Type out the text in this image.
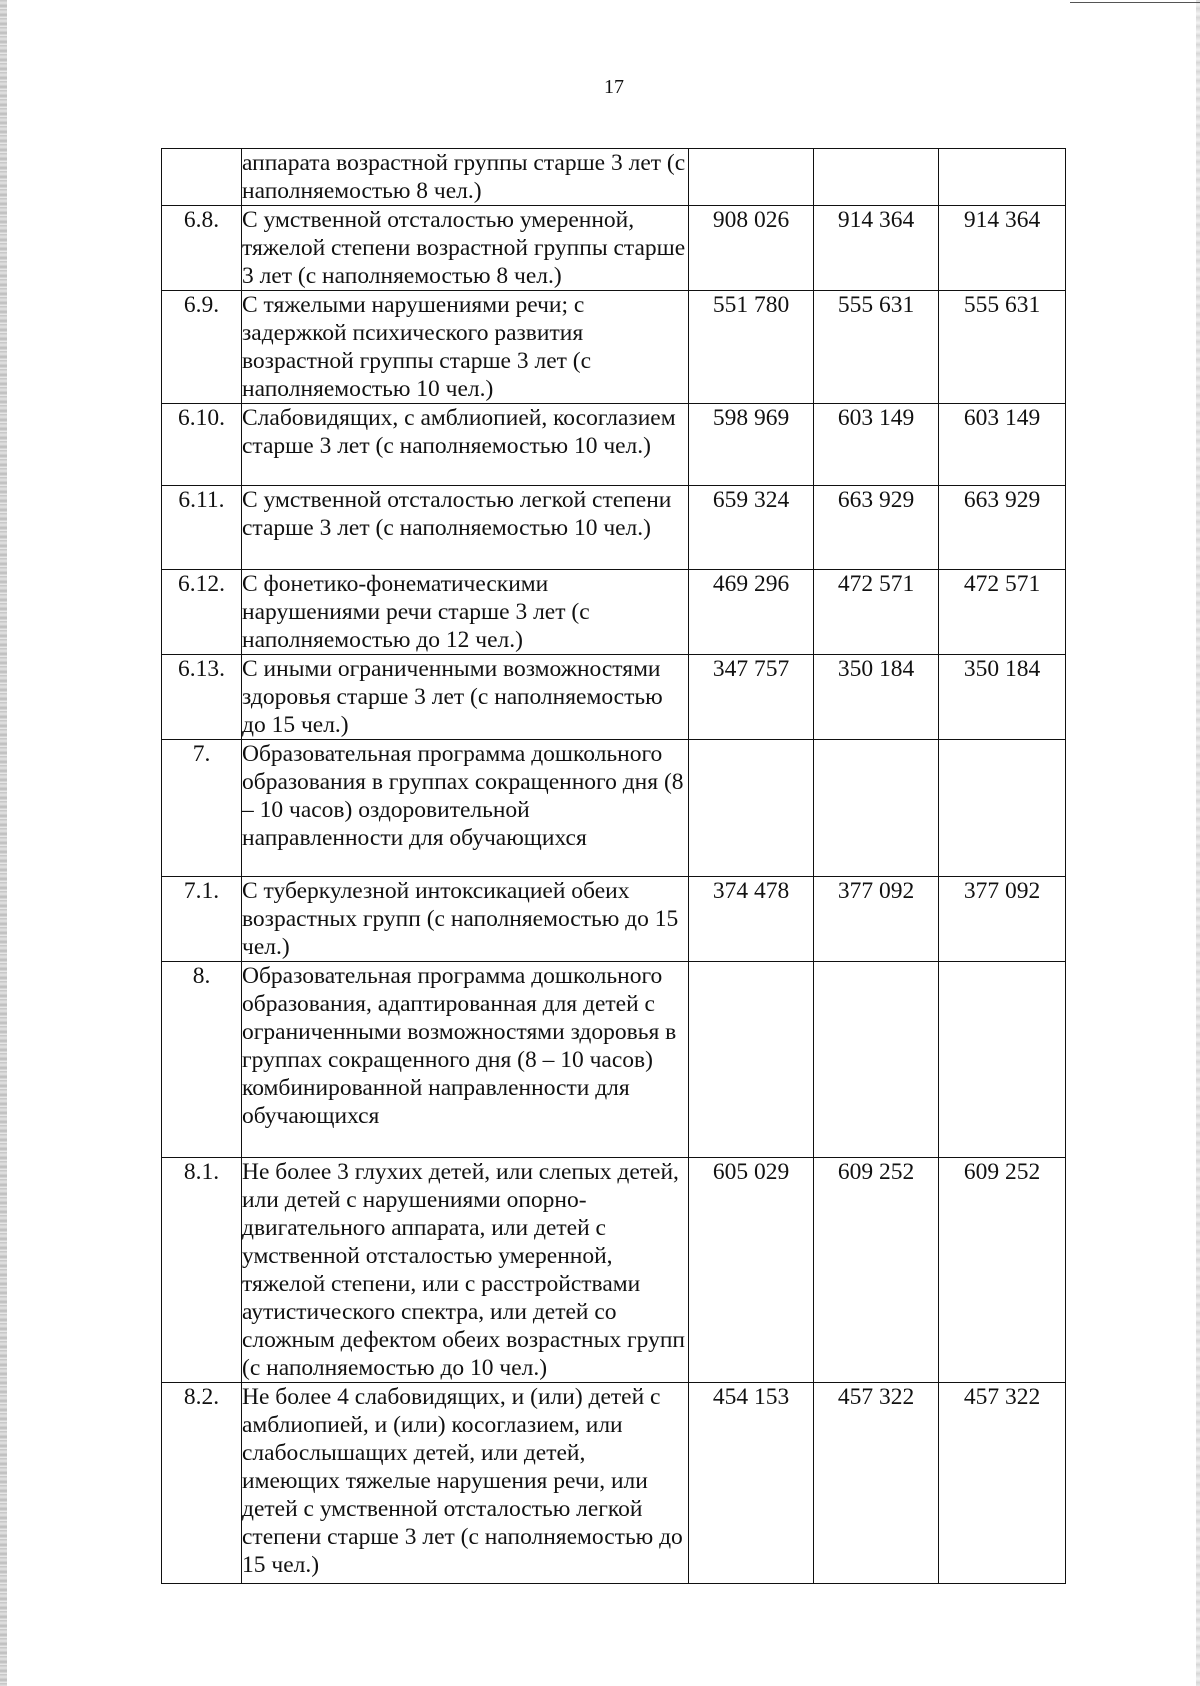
17
	аппарата возрастной группы старше 3 лет (с наполняемостью 8 чел.)			
6.8.	С умственной отсталостью умеренной, тяжелой степени возрастной группы старше 3 лет (с наполняемостью 8 чел.)	908 026	914 364	914 364
6.9.	С тяжелыми нарушениями речи; с задержкой психического развития возрастной группы старше 3 лет (с наполняемостью 10 чел.)	551 780	555 631	555 631
6.10.	Слабовидящих, с амблиопией, косоглазием старше 3 лет (с наполняемостью 10 чел.)	598 969	603 149	603 149
6.11.	С умственной отсталостью легкой степени старше 3 лет (с наполняемостью 10 чел.)	659 324	663 929	663 929
6.12.	С фонетико-фонематическими нарушениями речи старше 3 лет (с наполняемостью до 12 чел.)	469 296	472 571	472 571
6.13.	С иными ограниченными возможностями здоровья старше 3 лет (с наполняемостью до 15 чел.)	347 757	350 184	350 184
7.	Образовательная программа дошкольного образования в группах сокращенного дня (8 – 10 часов) оздоровительной направленности для обучающихся			
7.1.	С туберкулезной интоксикацией обеих возрастных групп (с наполняемостью до 15 чел.)	374 478	377 092	377 092
8.	Образовательная программа дошкольного образования, адаптированная для детей с ограниченными возможностями здоровья в группах сокращенного дня (8 – 10 часов) комбинированной направленности для обучающихся			
8.1.	Не более 3 глухих детей, или слепых детей, или детей с нарушениями опорно-двигательного аппарата, или детей с умственной отсталостью умеренной, тяжелой степени, или с расстройствами аутистического спектра, или детей со сложным дефектом обеих возрастных групп (с наполняемостью до 10 чел.)	605 029	609 252	609 252
8.2.	Не более 4 слабовидящих, и (или) детей с амблиопией, и (или) косоглазием, или слабослышащих детей, или детей, имеющих тяжелые нарушения речи, или детей с умственной отсталостью легкой степени старше 3 лет (с наполняемостью до 15 чел.)	454 153	457 322	457 322
